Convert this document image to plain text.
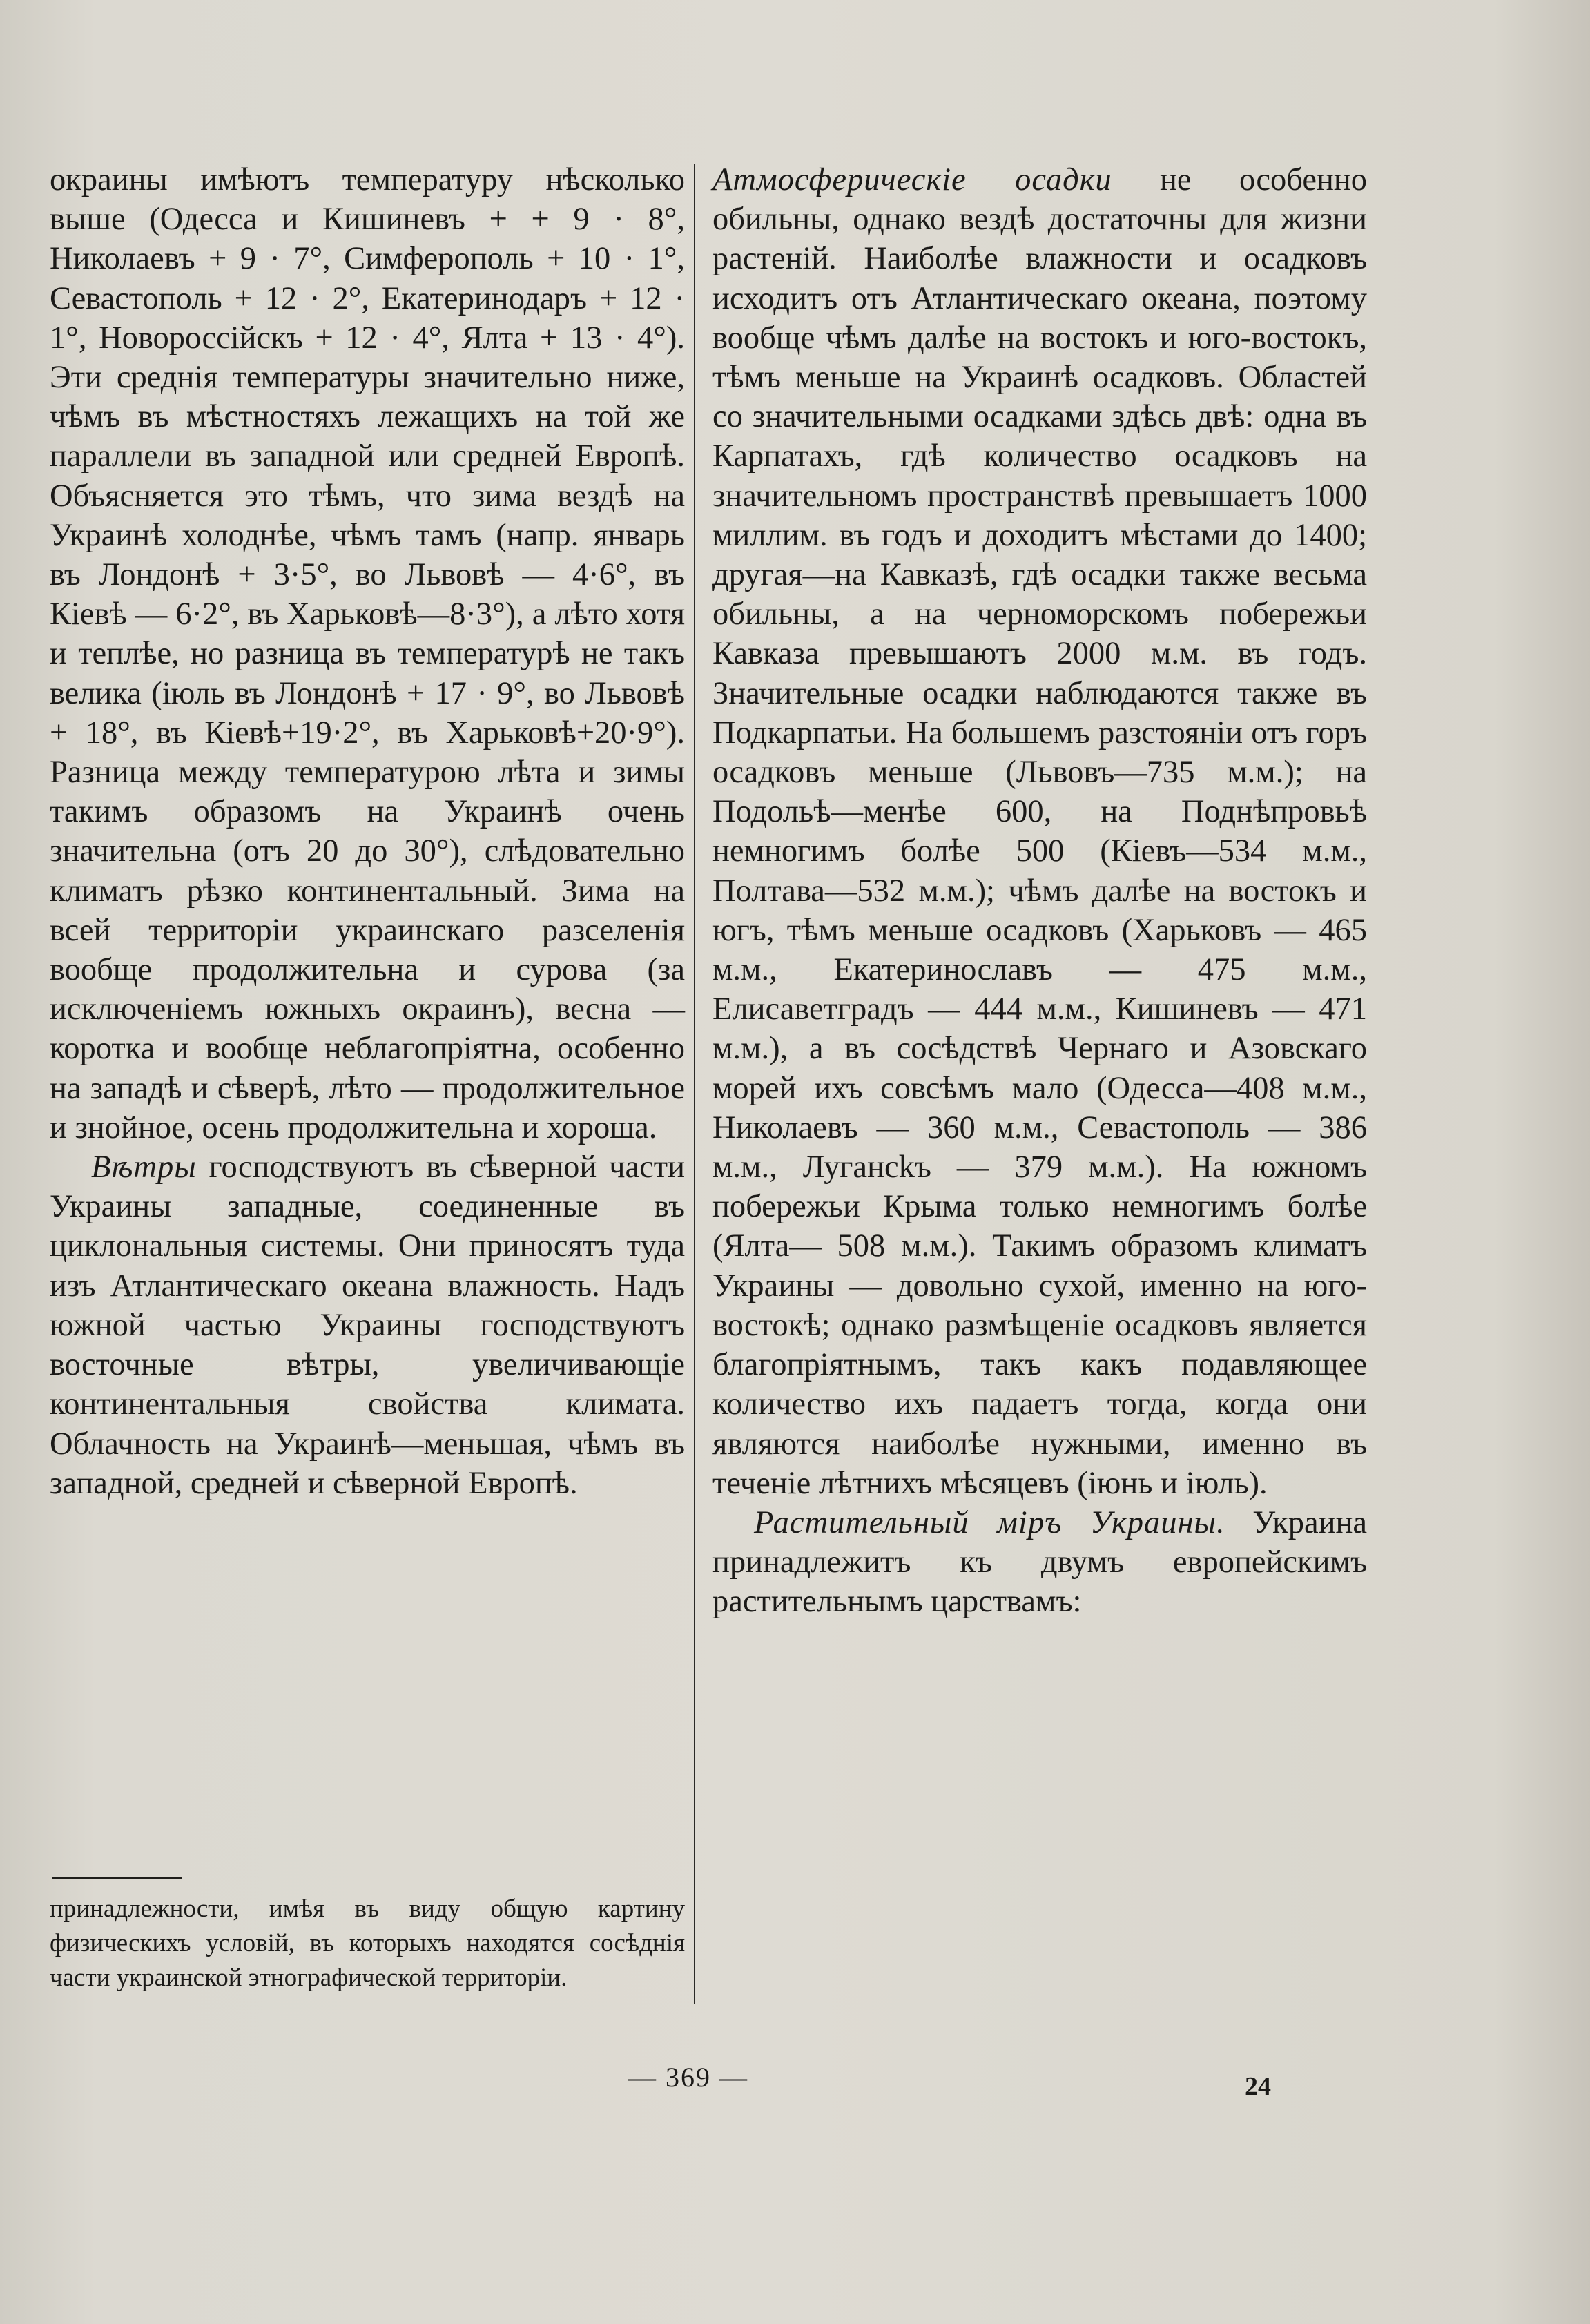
окраины имѣютъ температуру нѣсколько выше (Одесса и Кишиневъ + + 9 · 8°, Николаевъ + 9 · 7°, Симферополь + 10 · 1°, Севастополь + 12 · 2°, Екатеринодаръ + 12 · 1°, Новороссійскъ + 12 · 4°, Ялта + 13 · 4°). Эти среднія температуры значительно ниже, чѣмъ въ мѣстностяхъ лежащихъ на той же параллели въ западной или средней Европѣ. Объясняется это тѣмъ, что зима вездѣ на Украинѣ холоднѣе, чѣмъ тамъ (напр. январь въ Лондонѣ + 3·5°, во Львовѣ — 4·6°, въ Кіевѣ — 6·2°, въ Харьковѣ—8·3°), а лѣто хотя и теплѣе, но разница въ температурѣ не такъ велика (іюль въ Лондонѣ + 17 · 9°, во Львовѣ + 18°, въ Кіевѣ+19·2°, въ Харьковѣ+20·9°). Разница между температурою лѣта и зимы такимъ образомъ на Украинѣ очень значительна (отъ 20 до 30°), слѣдовательно климатъ рѣзко континентальный. Зима на всей территоріи украинскаго разселенія вообще продолжительна и сурова (за исключеніемъ южныхъ окраинъ), весна — коротка и вообще неблагопріятна, особенно на западѣ и сѣверѣ, лѣто — продолжительное и знойное, осень продолжительна и хороша.

Вѣтры господствуютъ въ сѣверной части Украины западные, соединенные въ циклональныя системы. Они приносятъ туда изъ Атлантическаго океана влажность. Надъ южной частью Украины господствуютъ восточные вѣтры, увеличивающіе континентальныя свойства климата. Облачность на Украинѣ—меньшая, чѣмъ въ западной, средней и сѣверной Европѣ.

Атмосферическіе осадки не особенно обильны, однако вездѣ достаточны для жизни растеній. Наиболѣе влажности и осадковъ исходитъ отъ Атлантическаго океана, поэтому вообще чѣмъ далѣе на востокъ и юго-востокъ, тѣмъ меньше на Украинѣ осадковъ. Областей со значительными осадками здѣсь двѣ: одна въ Карпатахъ, гдѣ количество осадковъ на значительномъ пространствѣ превышаетъ 1000 миллим. въ годъ и доходитъ мѣстами до 1400; другая—на Кавказѣ, гдѣ осадки также весьма обильны, а на черноморскомъ побережьи Кавказа превышаютъ 2000 м.м. въ годъ. Значительные осадки наблюдаются также въ Подкарпатьи. На большемъ разстояніи отъ горъ осадковъ меньше (Львовъ—735 м.м.); на Подольѣ—менѣе 600, на Поднѣпровьѣ немногимъ болѣе 500 (Кіевъ—534 м.м., Полтава—532 м.м.); чѣмъ далѣе на востокъ и югъ, тѣмъ меньше осадковъ (Харьковъ — 465 м.м., Екатеринославъ — 475 м.м., Елисаветградъ — 444 м.м., Кишиневъ — 471 м.м.), а въ сосѣдствѣ Чернаго и Азовскаго морей ихъ совсѣмъ мало (Одесса—408 м.м., Николаевъ — 360 м.м., Севастополь — 386 м.м., Лугансkъ — 379 м.м.). На южномъ побережьи Крыма только немногимъ болѣе (Ялта— 508 м.м.). Такимъ образомъ климатъ Украины — довольно сухой, именно на юго-востокѣ; однако размѣщеніе осадковъ является благопріятнымъ, такъ какъ подавляющее количество ихъ падаетъ тогда, когда они являются наиболѣе нужными, именно въ теченіе лѣтнихъ мѣсяцевъ (іюнь и іюль).

Растительный міръ Украины. Украина принадлежитъ къ двумъ европейскимъ растительнымъ царствамъ:

принадлежности, имѣя въ виду общую картину физическихъ условій, въ которыхъ находятся сосѣднія части украинской этнографической территоріи.

— 369 —	24
